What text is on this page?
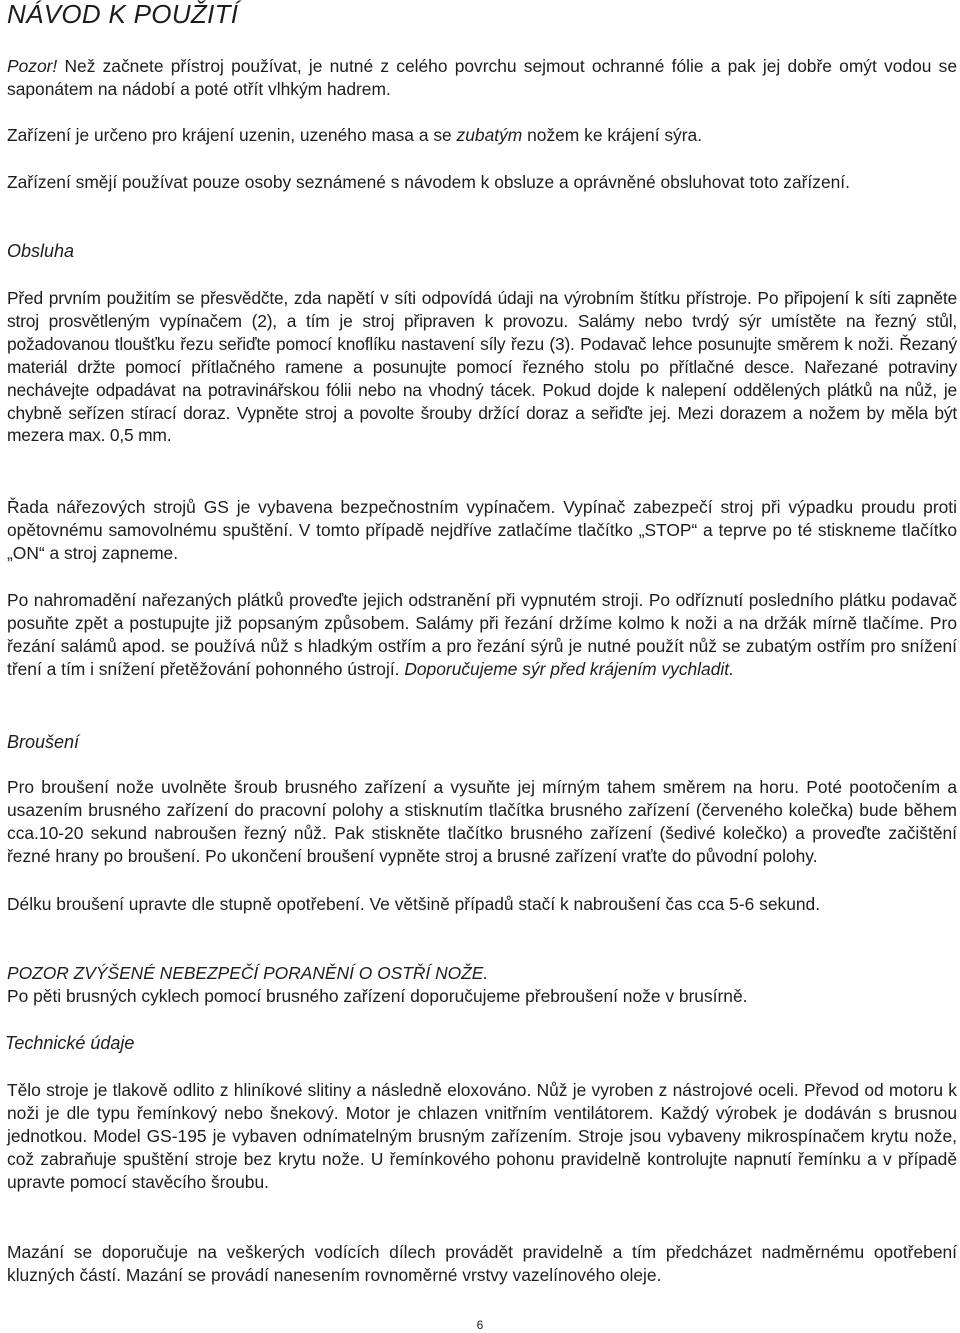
NÁVOD K POUŽITÍ

Pozor! Než začnete přístroj používat, je nutné z celého povrchu sejmout ochranné fólie a pak jej dobře omýt vodou se saponátem na nádobí a poté otřít vlhkým hadrem.

Zařízení je určeno pro krájení uzenin, uzeného masa a se zubatým nožem ke krájení sýra.

Zařízení smějí používat pouze osoby seznámené s návodem k obsluze a oprávněné obsluhovat toto zařízení.

Obsluha

Před prvním použitím se přesvědčte, zda napětí v síti odpovídá údaji na výrobním štítku přístroje. Po připojení k síti zapněte stroj prosvětleným vypínačem (2), a tím je stroj připraven k provozu. Salámy nebo tvrdý sýr umístěte na řezný stůl, požadovanou tloušťku řezu seřiďte pomocí knoflíku nastavení síly řezu (3). Podavač lehce posunujte směrem k noži. Řezaný materiál držte pomocí přítlačného ramene a posunujte pomocí řezného stolu po přítlačné desce. Nařezané potraviny nechávejte odpadávat na potravinářskou fólii nebo na vhodný tácek. Pokud dojde k nalepení oddělených plátků na nůž, je chybně seřízen stírací doraz. Vypněte stroj a povolte šrouby držící doraz a seřiďte jej. Mezi dorazem a nožem by měla být mezera max. 0,5 mm.

Řada nářezových strojů GS je vybavena bezpečnostním vypínačem. Vypínač zabezpečí stroj při výpadku proudu proti opětovnému samovolnému spuštění. V tomto případě nejdříve zatlačíme tlačítko „STOP“ a teprve po té stiskneme tlačítko „ON“ a stroj zapneme.

Po nahromadění nařezaných plátků proveďte jejich odstranění při vypnutém stroji. Po odříznutí posledního plátku podavač posuňte zpět a postupujte již popsaným způsobem. Salámy při řezání držíme kolmo k noži a na držák mírně tlačíme. Pro řezání salámů apod. se používá nůž s hladkým ostřím a pro řezání sýrů je nutné použít nůž se zubatým ostřím pro snížení tření a tím i snížení přetěžování pohonného ústrojí. Doporučujeme sýr před krájením vychladit.

Broušení

Pro broušení nože uvolněte šroub brusného zařízení a vysuňte jej mírným tahem směrem na horu. Poté pootočením a usazením brusného zařízení do pracovní polohy a stisknutím tlačítka brusného zařízení (červeného kolečka) bude během cca.10-20 sekund nabroušen řezný nůž. Pak stiskněte tlačítko brusného zařízení (šedivé kolečko) a proveďte začištění řezné hrany po broušení. Po ukončení broušení vypněte stroj a brusné zařízení vraťte do původní polohy.

Délku broušení upravte dle stupně opotřebení. Ve většině případů stačí k nabroušení čas cca 5-6 sekund.

POZOR ZVÝŠENÉ NEBEZPEČÍ PORANĚNÍ O OSTŘÍ NOŽE.

Po pěti brusných cyklech pomocí brusného zařízení doporučujeme přebroušení nože v brusírně.

Technické údaje

Tělo stroje je tlakově odlito z hliníkové slitiny a následně eloxováno. Nůž je vyroben z nástrojové oceli. Převod od motoru k noži je dle typu řemínkový nebo šnekový. Motor je chlazen vnitřním ventilátorem. Každý výrobek je dodáván s brusnou jednotkou. Model GS-195 je vybaven odnímatelným brusným zařízením. Stroje jsou vybaveny mikrospínačem krytu nože, což zabraňuje spuštění stroje bez krytu nože. U řemínkového pohonu pravidelně kontrolujte napnutí řemínku a v případě upravte pomocí stavěcího šroubu.

Mazání se doporučuje na veškerých vodících dílech provádět pravidelně a tím předcházet nadměrnému opotřebení kluzných částí. Mazání se provádí nanesením rovnoměrné vrstvy vazelínového oleje.

6
